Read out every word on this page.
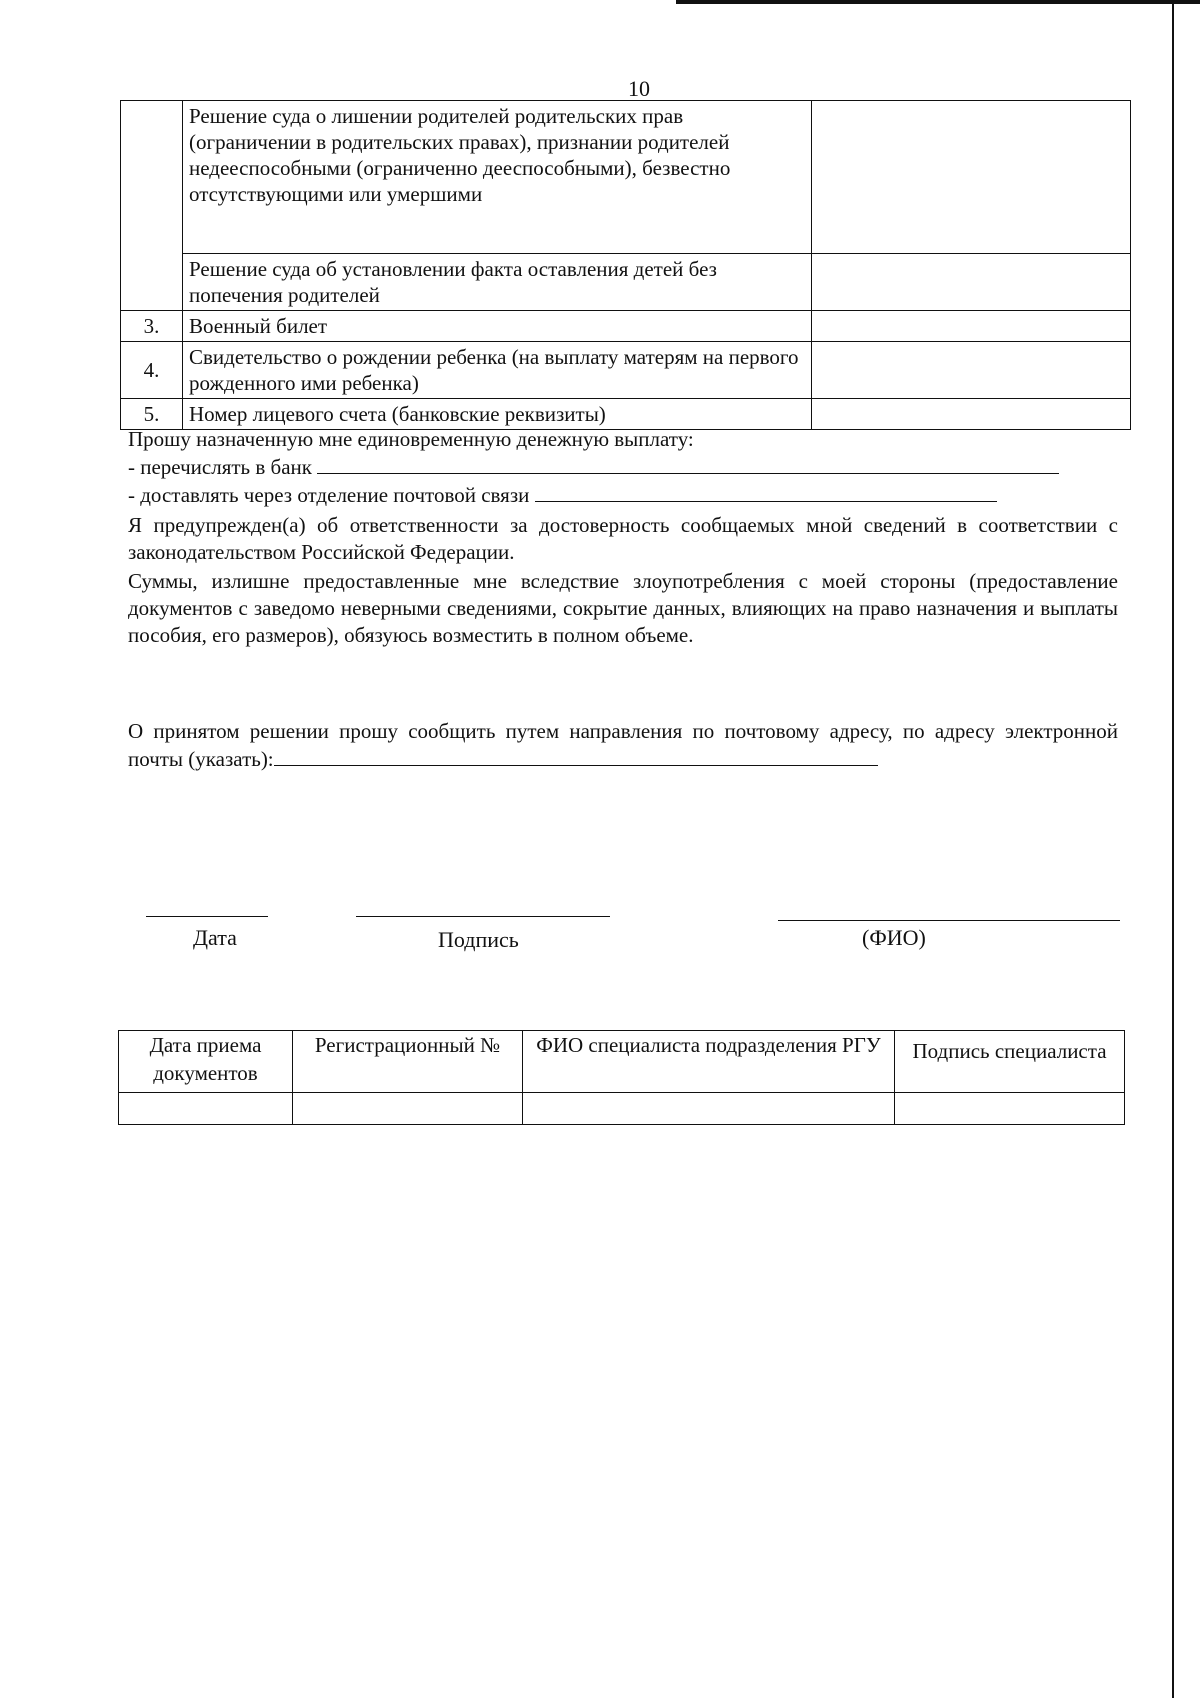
10
	Решение суда о лишении родителей родительских прав (ограничении в родительских правах), признании родителей недееспособными (ограниченно дееспособными), безвестно отсутствующими или умершими	
	Решение суда об установлении факта оставления детей без попечения родителей	
3.	Военный билет	
4.	Свидетельство о рождении ребенка (на выплату матерям на первого рожденного ими ребенка)	
5.	Номер лицевого счета (банковские реквизиты)	
Прошу назначенную мне единовременную денежную выплату:
- перечислять в банк
- доставлять через отделение почтовой связи
Я предупрежден(а) об ответственности за достоверность сообщаемых мной сведений в соответствии с законодательством Российской Федерации.
Суммы, излишне предоставленные мне вследствие злоупотребления с моей стороны (предоставление документов с заведомо неверными сведениями, сокрытие данных, влияющих на право назначения и выплаты пособия, его размеров), обязуюсь возместить в полном объеме.
О принятом решении прошу сообщить путем направления по почтовому адресу, по адресу электронной почты (указать):
Дата	Подпись	(ФИО)
Дата приема документов	Регистрационный №	ФИО специалиста подразделения РГУ	Подпись специалиста
